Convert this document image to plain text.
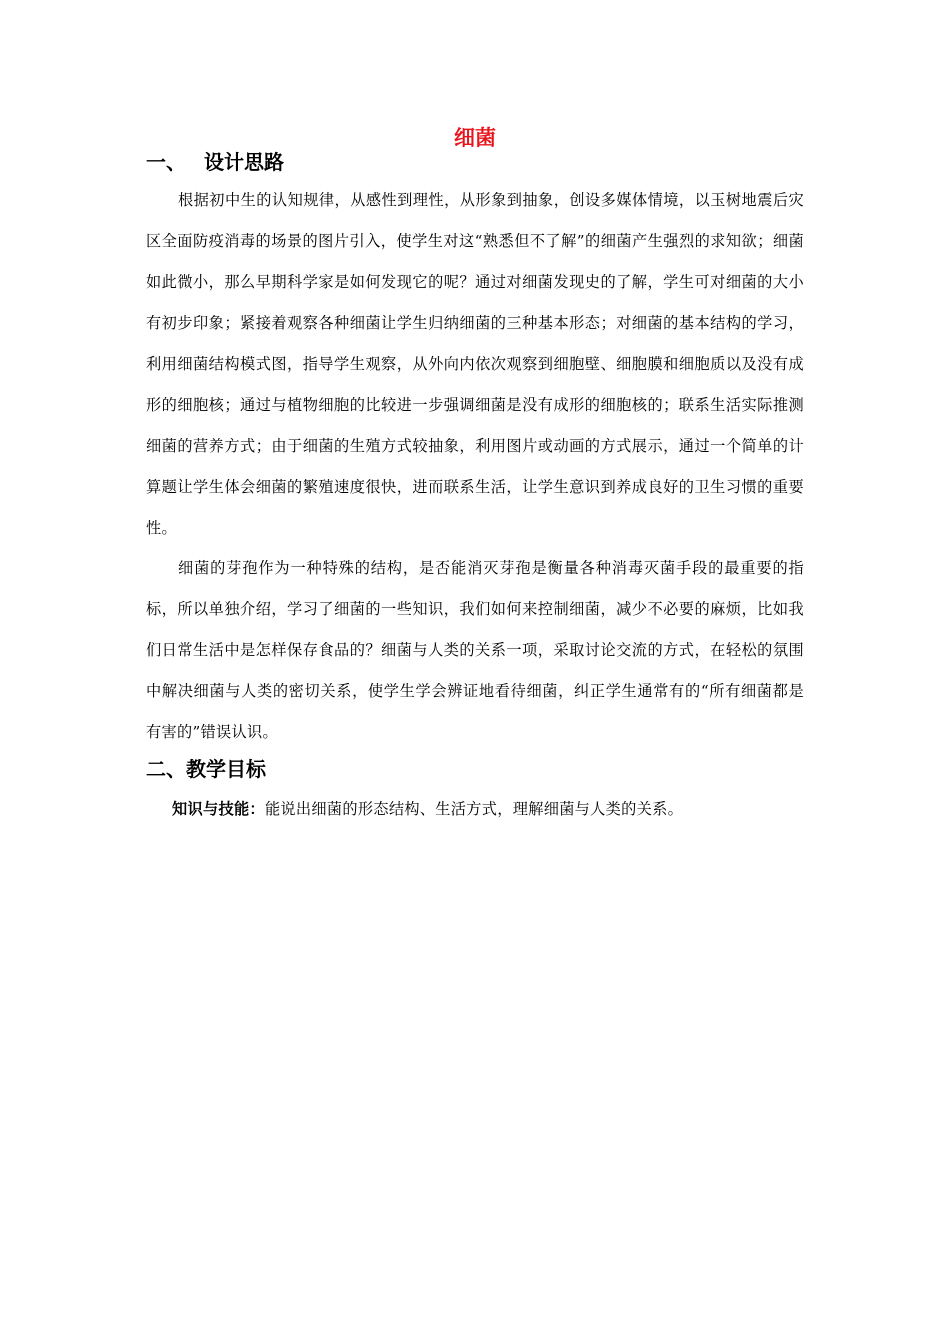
细菌
一、 设计思路
根据初中生的认知规律，从感性到理性，从形象到抽象，创设多媒体情境，以玉树地震后灾区全面防疫消毒的场景的图片引入，使学生对这“熟悉但不了解”的细菌产生强烈的求知欲；细菌如此微小，那么早期科学家是如何发现它的呢？通过对细菌发现史的了解，学生可对细菌的大小有初步印象；紧接着观察各种细菌让学生归纳细菌的三种基本形态；对细菌的基本结构的学习，利用细菌结构模式图，指导学生观察，从外向内依次观察到细胞壁、细胞膜和细胞质以及没有成形的细胞核；通过与植物细胞的比较进一步强调细菌是没有成形的细胞核的；联系生活实际推测细菌的营养方式；由于细菌的生殖方式较抽象，利用图片或动画的方式展示，通过一个简单的计算题让学生体会细菌的繁殖速度很快，进而联系生活，让学生意识到养成良好的卫生习惯的重要性。
细菌的芽孢作为一种特殊的结构，是否能消灭芽孢是衡量各种消毒灭菌手段的最重要的指标，所以单独介绍，学习了细菌的一些知识，我们如何来控制细菌，减少不必要的麻烦，比如我们日常生活中是怎样保存食品的？细菌与人类的关系一项，采取讨论交流的方式，在轻松的氛围中解决细菌与人类的密切关系，使学生学会辨证地看待细菌，纠正学生通常有的“所有细菌都是有害的”错误认识。
二、教学目标
知识与技能：能说出细菌的形态结构、生活方式，理解细菌与人类的关系。
